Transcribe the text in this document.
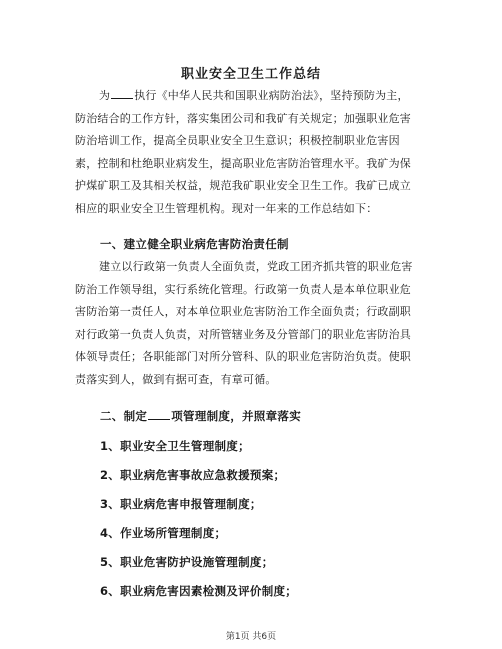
职业安全卫生工作总结
为 执行《中华人民共和国职业病防治法》，坚持预防为主，
防治结合的工作方针，落实集团公司和我矿有关规定；加强职业危害
防治培训工作，提高全员职业安全卫生意识；积极控制职业危害因
素，控制和杜绝职业病发生，提高职业危害防治管理水平。我矿为保
护煤矿职工及其相关权益，规范我矿职业安全卫生工作。我矿已成立
相应的职业安全卫生管理机构。现对一年来的工作总结如下：
一、建立健全职业病危害防治责任制
建立以行政第一负责人全面负责，党政工团齐抓共管的职业危害
防治工作领导组，实行系统化管理。行政第一负责人是本单位职业危
害防治第一责任人，对本单位职业危害防治工作全面负责；行政副职
对行政第一负责人负责，对所管辖业务及分管部门的职业危害防治具
体领导责任；各职能部门对所分管科、队的职业危害防治负责。使职
责落实到人，做到有据可查，有章可循。
二、制定 项管理制度，并照章落实
1、职业安全卫生管理制度；
2、职业病危害事故应急救援预案；
3、职业病危害申报管理制度；
4、作业场所管理制度；
5、职业危害防护设施管理制度；
6、职业病危害因素检测及评价制度；
第1页 共6页
